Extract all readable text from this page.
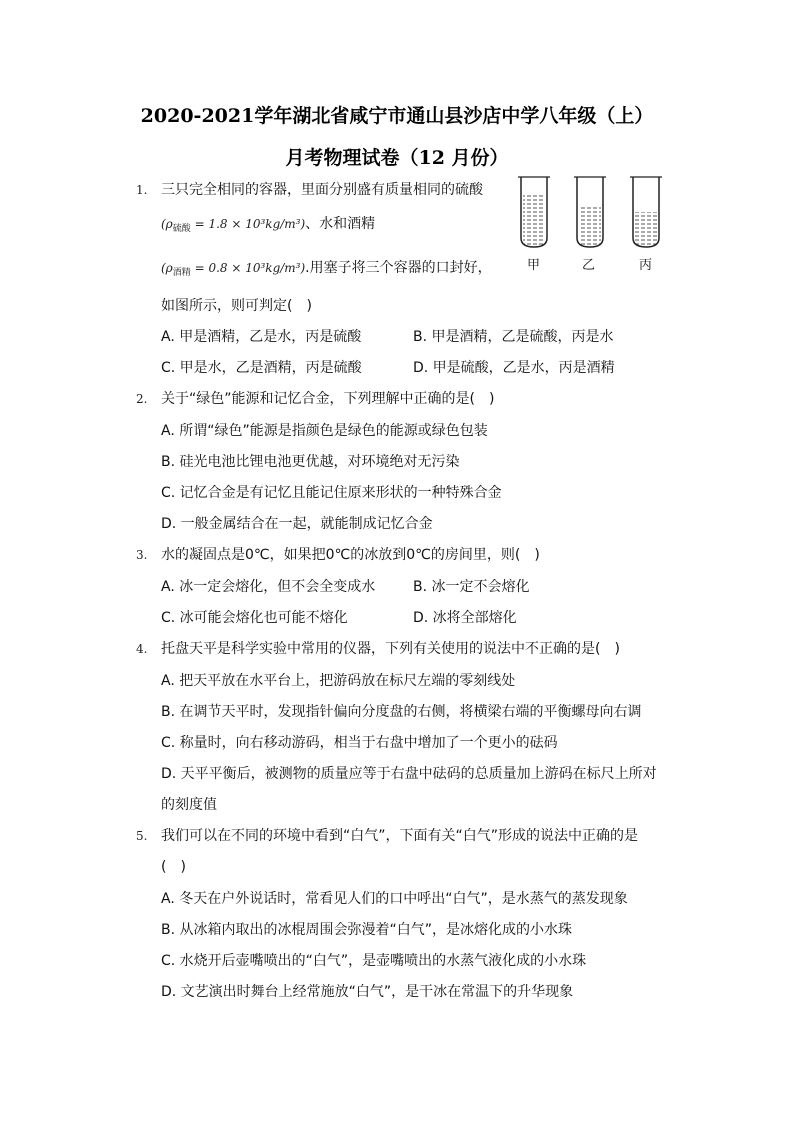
2020-2021学年湖北省咸宁市通山县沙店中学八年级（上）
月考物理试卷（12 月份）
1. 三只完全相同的容器，里面分别盛有质量相同的硫酸
$(\rho_{硫酸} = 1.8 \times 10^3kg/m^3)$、水和酒精
$(\rho_{酒精} = 0.8 \times 10^3kg/m^3)$.用塞子将三个容器的口封好，
如图所示，则可判定(　)
甲	乙	丙
A. 甲是酒精，乙是水，丙是硫酸	B. 甲是酒精，乙是硫酸，丙是水
C. 甲是水，乙是酒精，丙是硫酸	D. 甲是硫酸，乙是水，丙是酒精
2. 关于“绿色”能源和记忆合金，下列理解中正确的是(　)
A. 所谓“绿色”能源是指颜色是绿色的能源或绿色包装
B. 硅光电池比锂电池更优越，对环境绝对无污染
C. 记忆合金是有记忆且能记住原来形状的一种特殊合金
D. 一般金属结合在一起，就能制成记忆合金
3. 水的凝固点是0℃，如果把0℃的冰放到0℃的房间里，则(　)
A. 冰一定会熔化，但不会全变成水	B. 冰一定不会熔化
C. 冰可能会熔化也可能不熔化	D. 冰将全部熔化
4. 托盘天平是科学实验中常用的仪器，下列有关使用的说法中不正确的是(　)
A. 把天平放在水平台上，把游码放在标尺左端的零刻线处
B. 在调节天平时，发现指针偏向分度盘的右侧，将横梁右端的平衡螺母向右调
C. 称量时，向右移动游码，相当于右盘中增加了一个更小的砝码
D. 天平平衡后，被测物的质量应等于右盘中砝码的总质量加上游码在标尺上所对
的刻度值
5. 我们可以在不同的环境中看到“白气”，下面有关“白气”形成的说法中正确的是
(　)
A. 冬天在户外说话时，常看见人们的口中呼出“白气”，是水蒸气的蒸发现象
B. 从冰箱内取出的冰棍周围会弥漫着“白气”，是冰熔化成的小水珠
C. 水烧开后壶嘴喷出的“白气”，是壶嘴喷出的水蒸气液化成的小水珠
D. 文艺演出时舞台上经常施放“白气”，是干冰在常温下的升华现象
